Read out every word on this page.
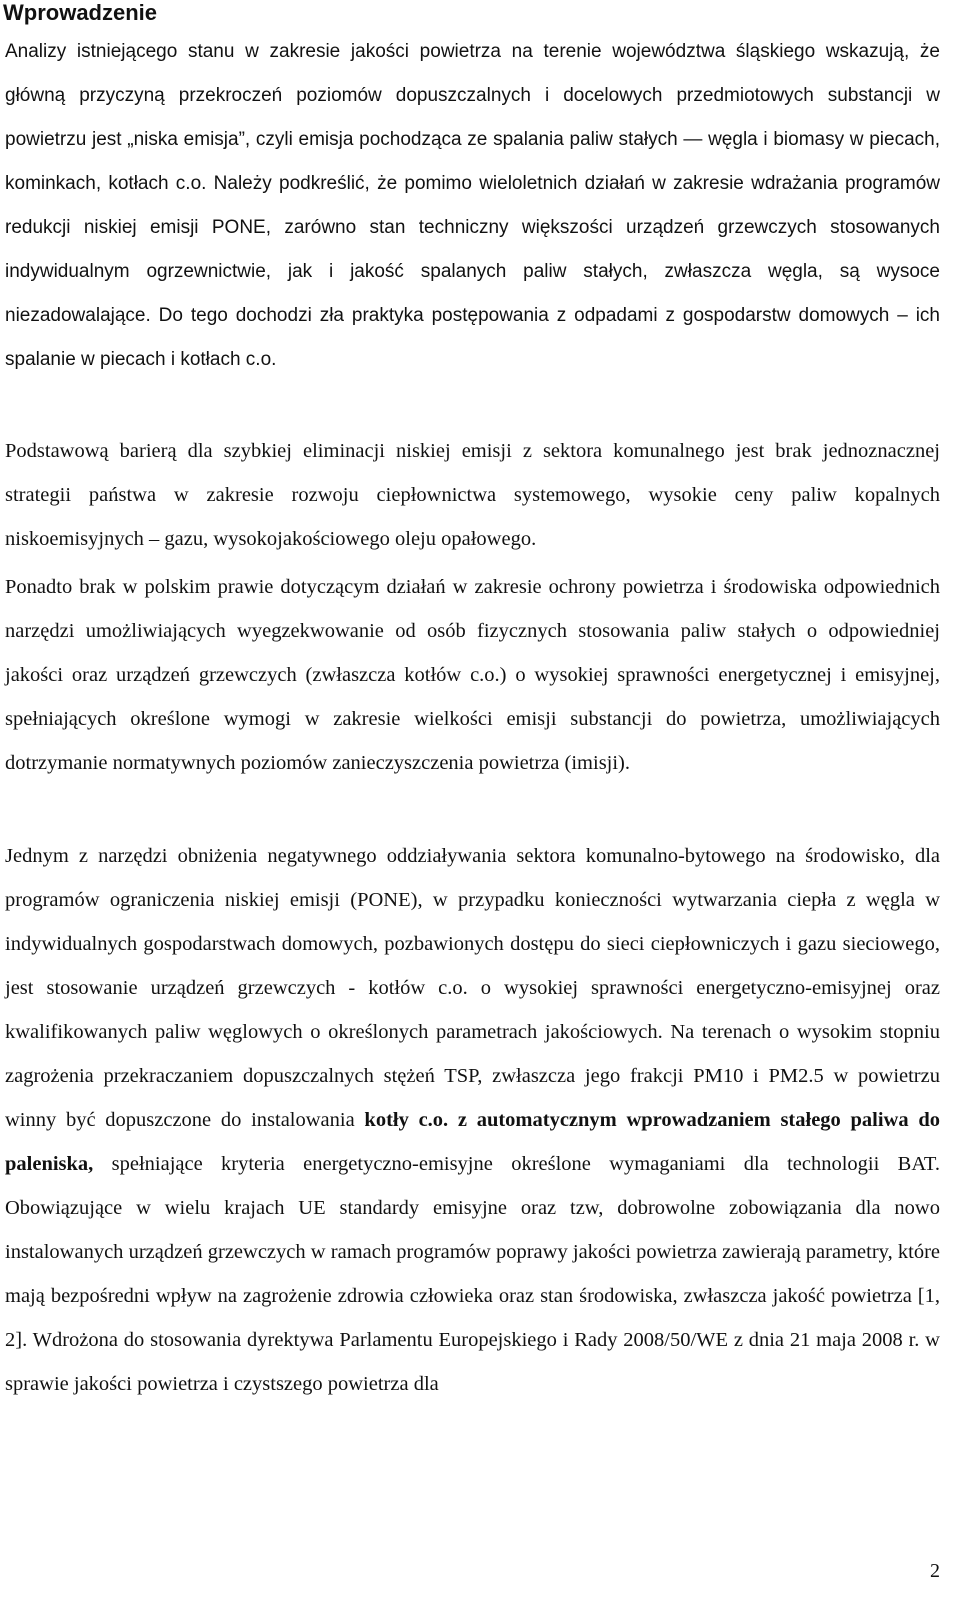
Wprowadzenie

Analizy istniejącego stanu w zakresie jakości powietrza na terenie województwa śląskiego wskazują, że główną przyczyną przekroczeń poziomów dopuszczalnych i docelowych przedmiotowych substancji w powietrzu jest „niska emisja”, czyli emisja pochodząca ze spalania paliw stałych — węgla i biomasy w piecach, kominkach, kotłach c.o. Należy podkreślić, że pomimo wieloletnich działań w zakresie wdrażania programów redukcji niskiej emisji PONE, zarówno stan techniczny większości urządzeń grzewczych stosowanych indywidualnym ogrzewnictwie, jak i jakość spalanych paliw stałych, zwłaszcza węgla, są wysoce niezadowalające. Do tego dochodzi zła praktyka postępowania z odpadami z gospodarstw domowych – ich spalanie w piecach i kotłach c.o.

Podstawową barierą dla szybkiej eliminacji niskiej emisji z sektora komunalnego jest brak jednoznacznej strategii państwa w zakresie rozwoju ciepłownictwa systemowego, wysokie ceny paliw kopalnych niskoemisyjnych – gazu, wysokojakościowego oleju opałowego.

Ponadto brak w polskim prawie dotyczącym działań w zakresie ochrony powietrza i środowiska odpowiednich narzędzi umożliwiających wyegzekwowanie od osób fizycznych stosowania paliw stałych o odpowiedniej jakości oraz urządzeń grzewczych (zwłaszcza kotłów c.o.) o wysokiej sprawności energetycznej i emisyjnej, spełniających określone wymogi w zakresie wielkości emisji substancji do powietrza, umożliwiających dotrzymanie normatywnych poziomów zanieczyszczenia powietrza (imisji).

Jednym z narzędzi obniżenia negatywnego oddziaływania sektora komunalno-bytowego na środowisko, dla programów ograniczenia niskiej emisji (PONE), w przypadku konieczności wytwarzania ciepła z węgla w indywidualnych gospodarstwach domowych, pozbawionych dostępu do sieci ciepłowniczych i gazu sieciowego, jest stosowanie urządzeń grzewczych - kotłów c.o. o wysokiej sprawności energetyczno-emisyjnej oraz kwalifikowanych paliw węglowych o określonych parametrach jakościowych. Na terenach o wysokim stopniu zagrożenia przekraczaniem dopuszczalnych stężeń TSP, zwłaszcza jego frakcji PM10 i PM2.5 w powietrzu winny być dopuszczone do instalowania kotły c.o. z automatycznym wprowadzaniem stałego paliwa do paleniska, spełniające kryteria energetyczno-emisyjne określone wymaganiami dla technologii BAT. Obowiązujące w wielu krajach UE standardy emisyjne oraz tzw, dobrowolne zobowiązania dla nowo instalowanych urządzeń grzewczych w ramach programów poprawy jakości powietrza zawierają parametry, które mają bezpośredni wpływ na zagrożenie zdrowia człowieka oraz stan środowiska, zwłaszcza jakość powietrza [1, 2]. Wdrożona do stosowania dyrektywa Parlamentu Europejskiego i Rady 2008/50/WE z dnia 21 maja 2008 r. w sprawie jakości powietrza i czystszego powietrza dla

2
